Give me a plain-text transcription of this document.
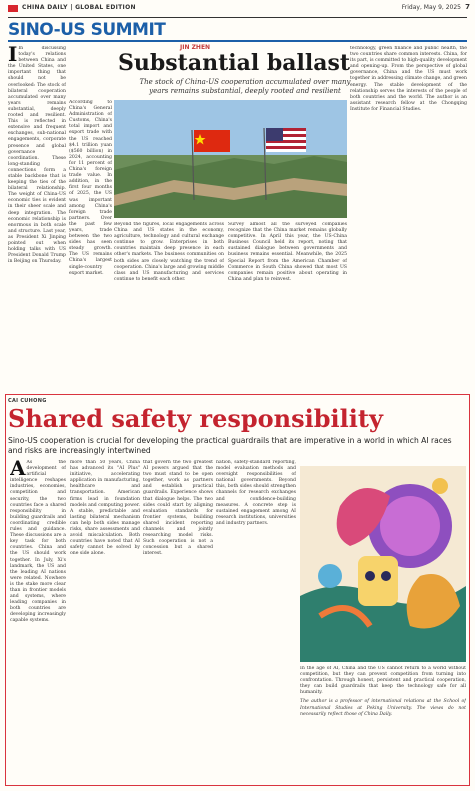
CHINA DAILY | GLOBAL EDITION	Friday, May 9, 2025 7
SINO-US SUMMIT
JIN ZHEN
Substantial ballast
The stock of China-US cooperation accumulated over many years remains substantial, deeply rooted and resilient

I In discussing today's relations between China and the United States, one important thing that should not be overlooked: The stock of bilateral cooperation accumulated over many years remains substantial, deeply rooted and resilient. This is reflected in extensive and frequent exchanges, sub-national engagements, corporate presence and global governance coordination. These long-standing connections form a stable backbone that is keeping the ties of the bilateral relationship. The weight of China-US economic ties is evident in their sheer scale and deep integration. The economic relationship is enormous in both scale and structure. Last year, as President Xi Jinping pointed out when holding talks with US President Donald Trump in Beijing on Thursday.

According to China's General Administration of Customs, China's total import and export trade with the US reached $4.1 trillion yuan ($560 billion) in 2024, accounting for 11 percent of China's foreign trade value. In addition, in the first four months of 2025, the US was important among China's foreign trade partners. Over the past few years, trade between the two sides has seen steady growth. The US remains China's largest single-country export market.

Beyond the figures, local engagements across China and US states in the economy, agriculture, technology and cultural exchange continue to grow. Enterprises in both countries maintain deep presence in each other's markets. The business communities on both sides are closely watching the trend of cooperation. China's large and growing middle class and US manufacturing and services continue to benefit each other.

Survey almost all the surveyed companies recognize that the China market remains globally competitive. In April this year, the US-China Business Council held its report, noting that sustained dialogue between governments and business remains essential. Meanwhile, the 2025 Special Report from the American Chamber of Commerce in South China showed that most US companies remain positive about operating in China and plan to reinvest.

technology, green finance and public health, the two countries share common interests. China, for its part, is committed to high-quality development and opening-up. From the perspective of global governance, China and the US must work together in addressing climate change, and green energy. The stable development of the relationship serves the interests of the people of both countries and the world. The author is an assistant research fellow at the Chongqing Institute for Financial Studies.

CAI CUHONG
Shared safety responsibility
Sino-US cooperation is crucial for developing the practical guardrails that are imperative in a world in which AI races and risks are increasingly intertwined

A As the development of artificial intelligence reshapes industries, economies, competition and security, the two countries face a shared responsibility in building guardrails and coordinating credible rules and guidance. These discussions are a key task for both countries. China and the US should work together. In July, Xi's landmark, the US and the leading AI nations were related. Nowhere is the stake more clear than in frontier models and systems, where leading companies in both countries are developing increasingly capable systems.

more than 50 years, China has advanced its "AI Plus" initiative, accelerating application in manufacturing, healthcare and transportation. American firms lead in foundation models and computing power. A stable, predictable and lasting bilateral mechanism can help both sides manage risks, share assessments and avoid miscalculation. Both countries have noted that AI safety cannot be solved by one side alone.

that govern the two greatest AI powers argued that the two must stand to be open together, work as partners and establish practical guardrails. Experience shows that dialogue helps. The two sides could start by aligning evaluation standards for frontier systems, building shared incident reporting channels and jointly researching model risks. Such cooperation is not a concession but a shared interest.

nation, safety-standard reporting, model evaluation methods and oversight responsibilities of national governments. Beyond this, both sides should strengthen channels for research exchanges and confidence-building measures. A concrete step is sustained engagement among AI research institutions, universities and industry partners.

In the age of AI, China and the US cannot return to a world without competition, but they can prevent competition from turning into confrontation. Through honest, persistent and practical cooperation, they can build guardrails that keep the technology safe for all humanity.

The author is a professor of international relations at the School of International Studies at Peking University. The views do not necessarily reflect those of China Daily.
